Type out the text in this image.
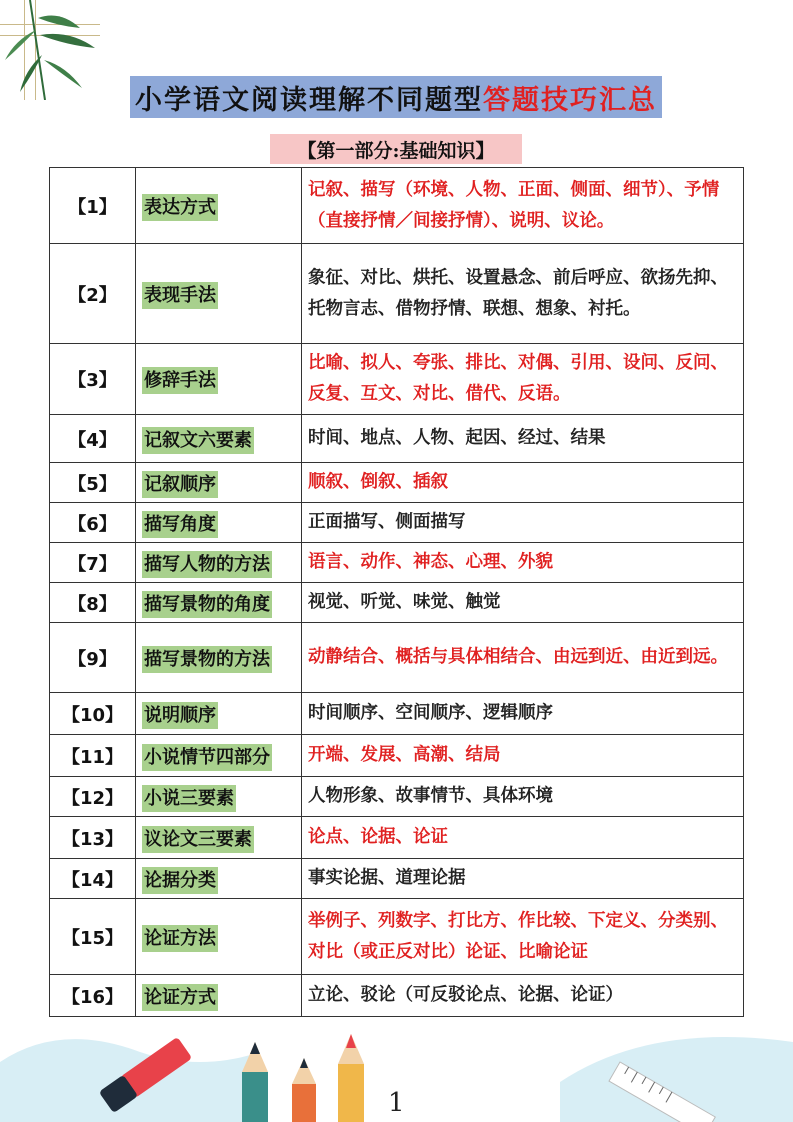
小学语文阅读理解不同题型 答题技巧汇总
【第一部分:基础知识】
【1】	表达方式	记叙、描写（环境、人物、正面、侧面、细节）、予情（直接抒情／间接抒情）、说明、议论。
【2】	表现手法	象征、对比、烘托、设置悬念、前后呼应、欲扬先抑、托物言志、借物抒情、联想、想象、衬托。
【3】	修辞手法	比喻、拟人、夸张、排比、对偶、引用、设问、反问、反复、互文、对比、借代、反语。
【4】	记叙文六要素	时间、地点、人物、起因、经过、结果
【5】	记叙顺序	顺叙、倒叙、插叙
【6】	描写角度	正面描写、侧面描写
【7】	描写人物的方法	语言、动作、神态、心理、外貌
【8】	描写景物的角度	视觉、听觉、味觉、触觉
【9】	描写景物的方法	动静结合、概括与具体相结合、由远到近、由近到远。
【10】	说明顺序	时间顺序、空间顺序、逻辑顺序
【11】	小说情节四部分	开端、发展、高潮、结局
【12】	小说三要素	人物形象、故事情节、具体环境
【13】	议论文三要素	论点、论据、论证
【14】	论据分类	事实论据、道理论据
【15】	论证方法	举例子、列数字、打比方、作比较、下定义、分类别、对比（或正反对比）论证、比喻论证
【16】	论证方式	立论、驳论（可反驳论点、论据、论证）
1
